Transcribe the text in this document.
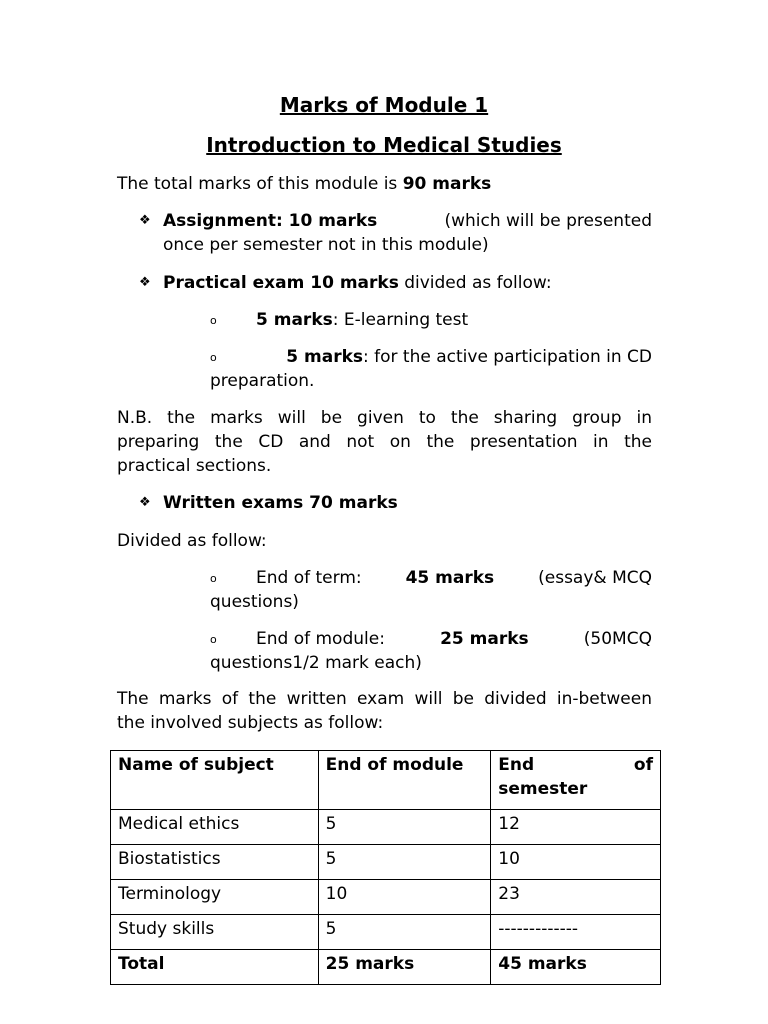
Marks of Module 1
Introduction to Medical Studies
The total marks of this module is 90 marks
❖ Assignment: 10 marks	(which will be presented
once per semester not in this module)
❖ Practical exam 10 marks divided as follow:
o 5 marks: E-learning test
o	5 marks: for the active participation in CD
preparation.
N.B. the marks will be given to the sharing group in
preparing the CD and not on the presentation in the
practical sections.
❖ Written exams 70 marks
Divided as follow:
o End of term:	45 marks	(essay& MCQ
questions)
o End of module:	25 marks	(50MCQ
questions1/2 mark each)
The marks of the written exam will be divided in-between
the involved subjects as follow:
Name of subject	End of module	End of
semester

Medical ethics	5	12
Biostatistics	5	10
Terminology	10	23
Study skills	5	-------------
Total	25 marks	45 marks
